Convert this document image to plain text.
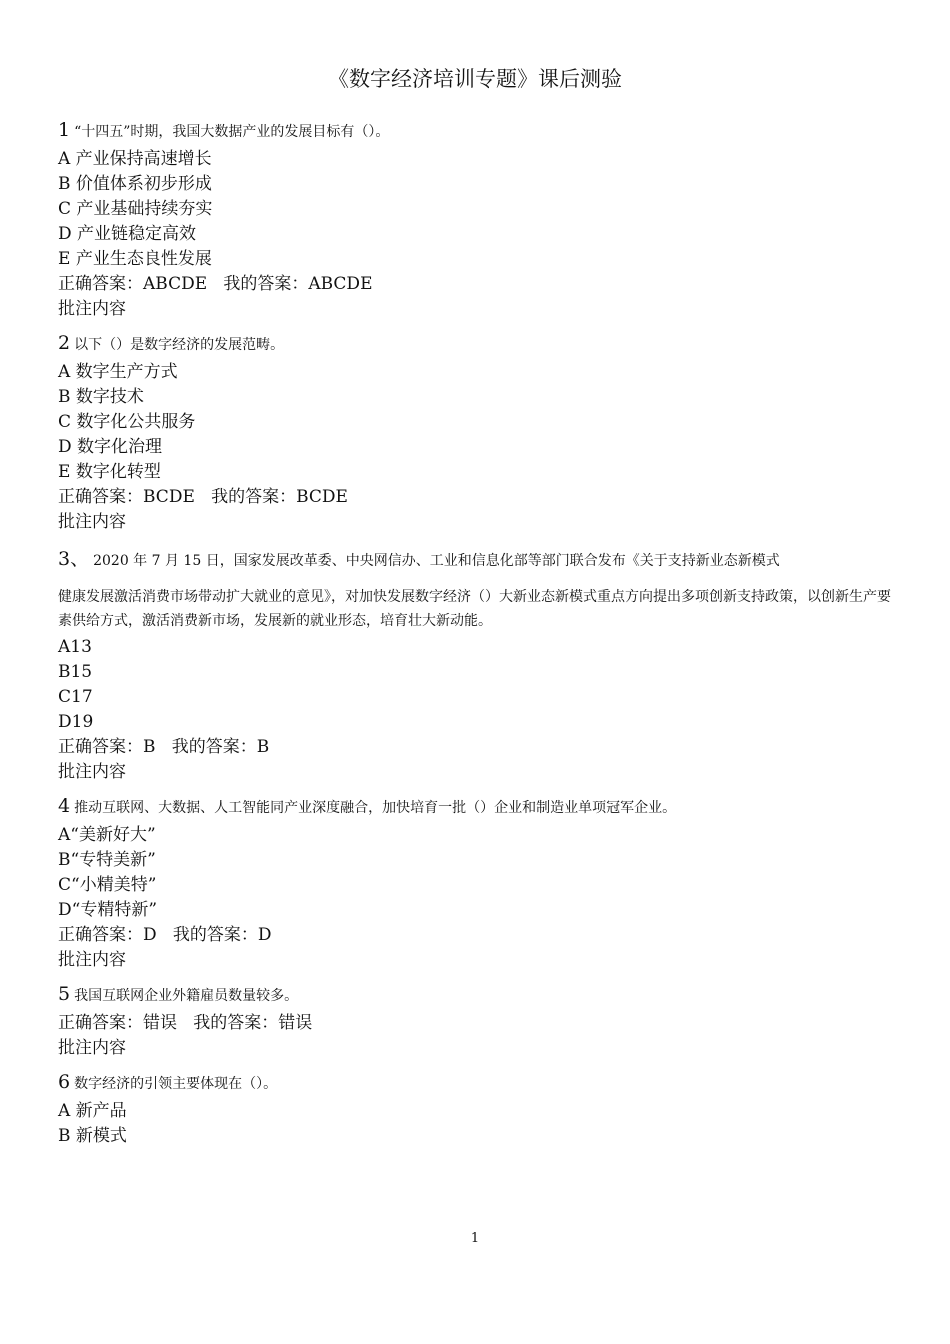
《数字经济培训专题》课后测验
1 “十四五”时期，我国大数据产业的发展目标有（）。
A 产业保持高速增长
B 价值体系初步形成
C 产业基础持续夯实
D 产业链稳定高效
E 产业生态良性发展
正确答案：ABCDE   我的答案：ABCDE
批注内容
2 以下（）是数字经济的发展范畴。
A 数字生产方式
B 数字技术
C 数字化公共服务
D 数字化治理
E 数字化转型
正确答案：BCDE   我的答案：BCDE
批注内容
3、 2020 年 7 月 15 日，国家发展改革委、中央网信办、工业和信息化部等部门联合发布《关于支持新业态新模式
健康发展激活消费市场带动扩大就业的意见》，对加快发展数字经济（）大新业态新模式重点方向提出多项创新支持政策，以创新生产要素供给方式，激活消费新市场，发展新的就业形态，培育壮大新动能。
A13
B15
C17
D19
正确答案：B   我的答案：B
批注内容
4 推动互联网、大数据、人工智能同产业深度融合，加快培育一批（）企业和制造业单项冠军企业。
A“美新好大”
B“专特美新”
C“小精美特”
D“专精特新”
正确答案：D   我的答案：D
批注内容
5 我国互联网企业外籍雇员数量较多。
正确答案：错误   我的答案：错误
批注内容
6 数字经济的引领主要体现在（）。
A 新产品
B 新模式
1
